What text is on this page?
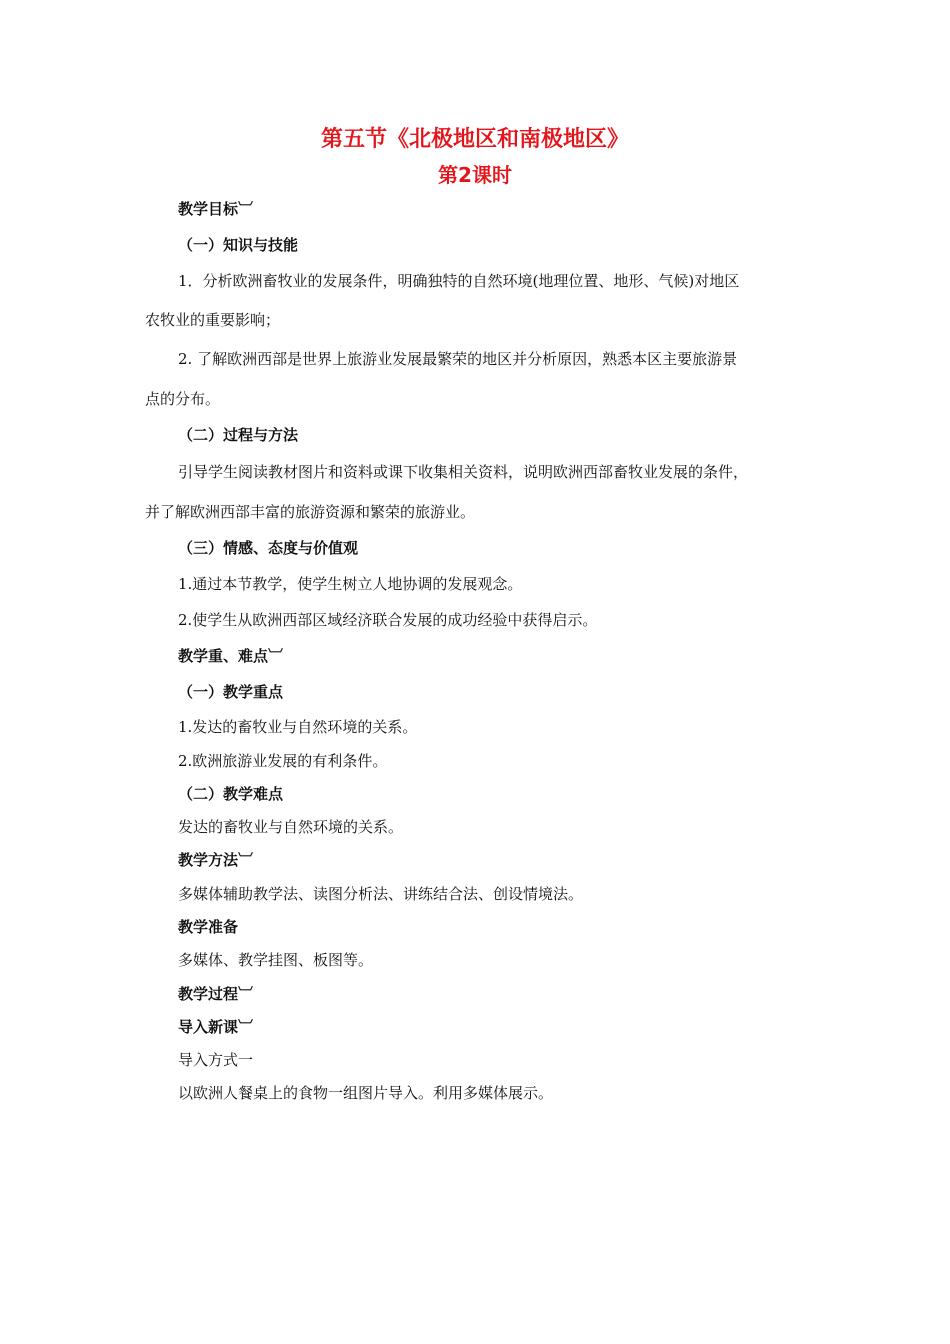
第五节《北极地区和南极地区》
第2课时
教学目标︺
（一）知识与技能
1．分析欧洲畜牧业的发展条件，明确独特的自然环境(地理位置、地形、气候)对地区
农牧业的重要影响；
2. 了解欧洲西部是世界上旅游业发展最繁荣的地区并分析原因，熟悉本区主要旅游景
点的分布。
（二）过程与方法
引导学生阅读教材图片和资料或课下收集相关资料，说明欧洲西部畜牧业发展的条件，
并了解欧洲西部丰富的旅游资源和繁荣的旅游业。
（三）情感、态度与价值观
1.通过本节教学，使学生树立人地协调的发展观念。
2.使学生从欧洲西部区域经济联合发展的成功经验中获得启示。
教学重、难点︺
（一）教学重点
1.发达的畜牧业与自然环境的关系。
2.欧洲旅游业发展的有利条件。
（二）教学难点
发达的畜牧业与自然环境的关系。
教学方法︺
多媒体辅助教学法、读图分析法、讲练结合法、创设情境法。
教学准备
多媒体、教学挂图、板图等。
教学过程︺
导入新课︺
导入方式一
以欧洲人餐桌上的食物一组图片导入。利用多媒体展示。
